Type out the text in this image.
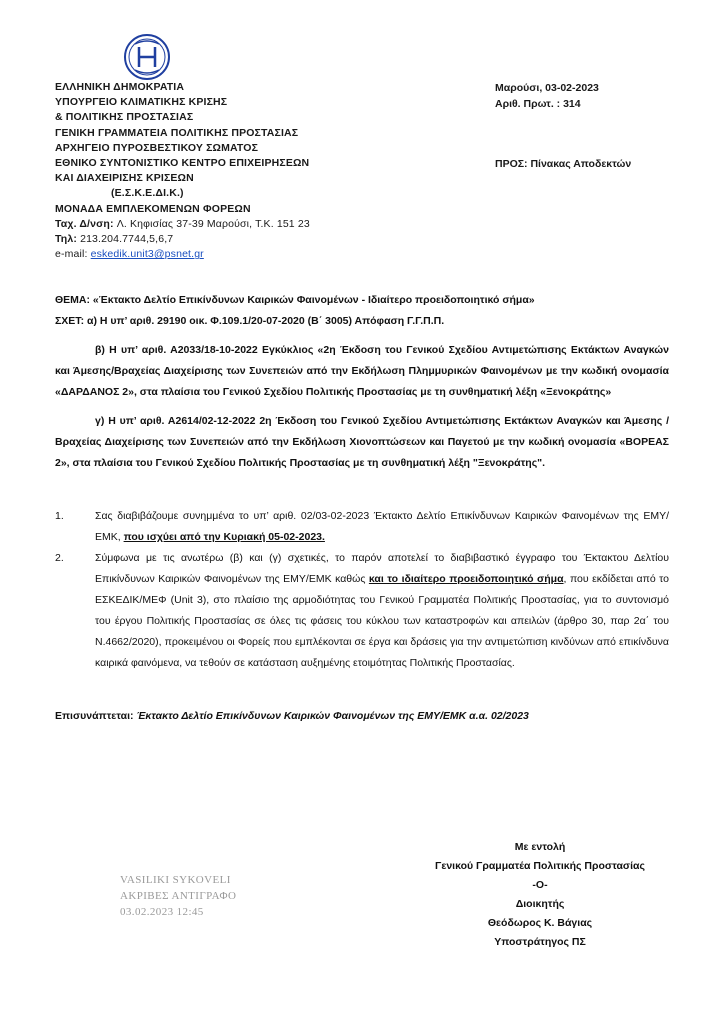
ΕΛΛΗΝΙΚΗ ΔΗΜΟΚΡΑΤΙΑ
ΥΠΟΥΡΓΕΙΟ ΚΛΙΜΑΤΙΚΗΣ ΚΡΙΣΗΣ
& ΠΟΛΙΤΙΚΗΣ ΠΡΟΣΤΑΣΙΑΣ
ΓΕΝΙΚΗ ΓΡΑΜΜΑΤΕΙΑ ΠΟΛΙΤΙΚΗΣ ΠΡΟΣΤΑΣΙΑΣ
ΑΡΧΗΓΕΙΟ ΠΥΡΟΣΒΕΣΤΙΚΟΥ ΣΩΜΑΤΟΣ
ΕΘΝΙΚΟ ΣΥΝΤΟΝΙΣΤΙΚΟ ΚΕΝΤΡΟ ΕΠΙΧΕΙΡΗΣΕΩΝ
ΚΑΙ ΔΙΑΧΕΙΡΙΣΗΣ ΚΡΙΣΕΩΝ
(Ε.Σ.Κ.Ε.ΔΙ.Κ.)
ΜΟΝΑΔΑ ΕΜΠΛΕΚΟΜΕΝΩΝ ΦΟΡΕΩΝ
Ταχ. Δ/νση: Λ. Κηφισίας 37-39 Μαρούσι, Τ.Κ. 151 23
Τηλ: 213.204.7744,5,6,7
e-mail: eskedik.unit3@psnet.gr
Μαρούσι, 03-02-2023
Αριθ. Πρωτ. : 314
ΠΡΟΣ: Πίνακας Αποδεκτών

ΘΕΜΑ: «Έκτακτο Δελτίο Επικίνδυνων Καιρικών Φαινομένων - Ιδιαίτερο προειδοποιητικό σήμα»

ΣΧΕΤ: α) Η υπ’ αριθ. 29190 οικ. Φ.109.1/20-07-2020 (Β΄ 3005) Απόφαση Γ.Γ.Π.Π.

β) Η υπ’ αριθ. Α2033/18-10-2022 Εγκύκλιος «2η Έκδοση του Γενικού Σχεδίου Αντιμετώπισης Εκτάκτων Αναγκών και Άμεσης/Βραχείας Διαχείρισης των Συνεπειών από την Εκδήλωση Πλημμυρικών Φαινομένων με την κωδική ονομασία «ΔΑΡΔΑΝΟΣ 2», στα πλαίσια του Γενικού Σχεδίου Πολιτικής Προστασίας με τη συνθηματική λέξη «Ξενοκράτης»

γ) Η υπ’ αριθ. Α2614/02-12-2022 2η Έκδοση του Γενικού Σχεδίου Αντιμετώπισης Εκτάκτων Αναγκών και Άμεσης / Βραχείας Διαχείρισης των Συνεπειών από την Εκδήλωση Χιονοπτώσεων και Παγετού με την κωδική ονομασία «ΒΟΡΕΑΣ 2», στα πλαίσια του Γενικού Σχεδίου Πολιτικής Προστασίας με τη συνθηματική λέξη "Ξενοκράτης".

1.	Σας διαβιβάζουμε συνημμένα το υπ’ αριθ. 02/03-02-2023 Έκτακτο Δελτίο Επικίνδυνων Καιρικών Φαινομένων της ΕΜΥ/ΕΜΚ, που ισχύει από την Κυριακή 05-02-2023.
2.	Σύμφωνα με τις ανωτέρω (β) και (γ) σχετικές, το παρόν αποτελεί το διαβιβαστικό έγγραφο του Έκτακτου Δελτίου Επικίνδυνων Καιρικών Φαινομένων της ΕΜΥ/ΕΜΚ καθώς και το ιδιαίτερο προειδοποιητικό σήμα, που εκδίδεται από το ΕΣΚΕΔΙΚ/ΜΕΦ (Unit 3), στο πλαίσιο της αρμοδιότητας του Γενικού Γραμματέα Πολιτικής Προστασίας, για το συντονισμό του έργου Πολιτικής Προστασίας σε όλες τις φάσεις του κύκλου των καταστροφών και απειλών (άρθρο 30, παρ 2α΄ του Ν.4662/2020), προκειμένου οι Φορείς που εμπλέκονται σε έργα και δράσεις για την αντιμετώπιση κινδύνων από επικίνδυνα καιρικά φαινόμενα, να τεθούν σε κατάσταση αυξημένης ετοιμότητας Πολιτικής Προστασίας.

Επισυνάπτεται: Έκτακτο Δελτίο Επικίνδυνων Καιρικών Φαινομένων της ΕΜΥ/ΕΜΚ α.α. 02/2023

Με εντολή
Γενικού Γραμματέα Πολιτικής Προστασίας
-Ο-
Διοικητής
Θεόδωρος Κ. Βάγιας
Υποστράτηγος ΠΣ
VASILIKI SYKOVELI
ΑΚΡΙΒΕΣ ΑΝΤΙΓΡΑΦΟ
03.02.2023 12:45
